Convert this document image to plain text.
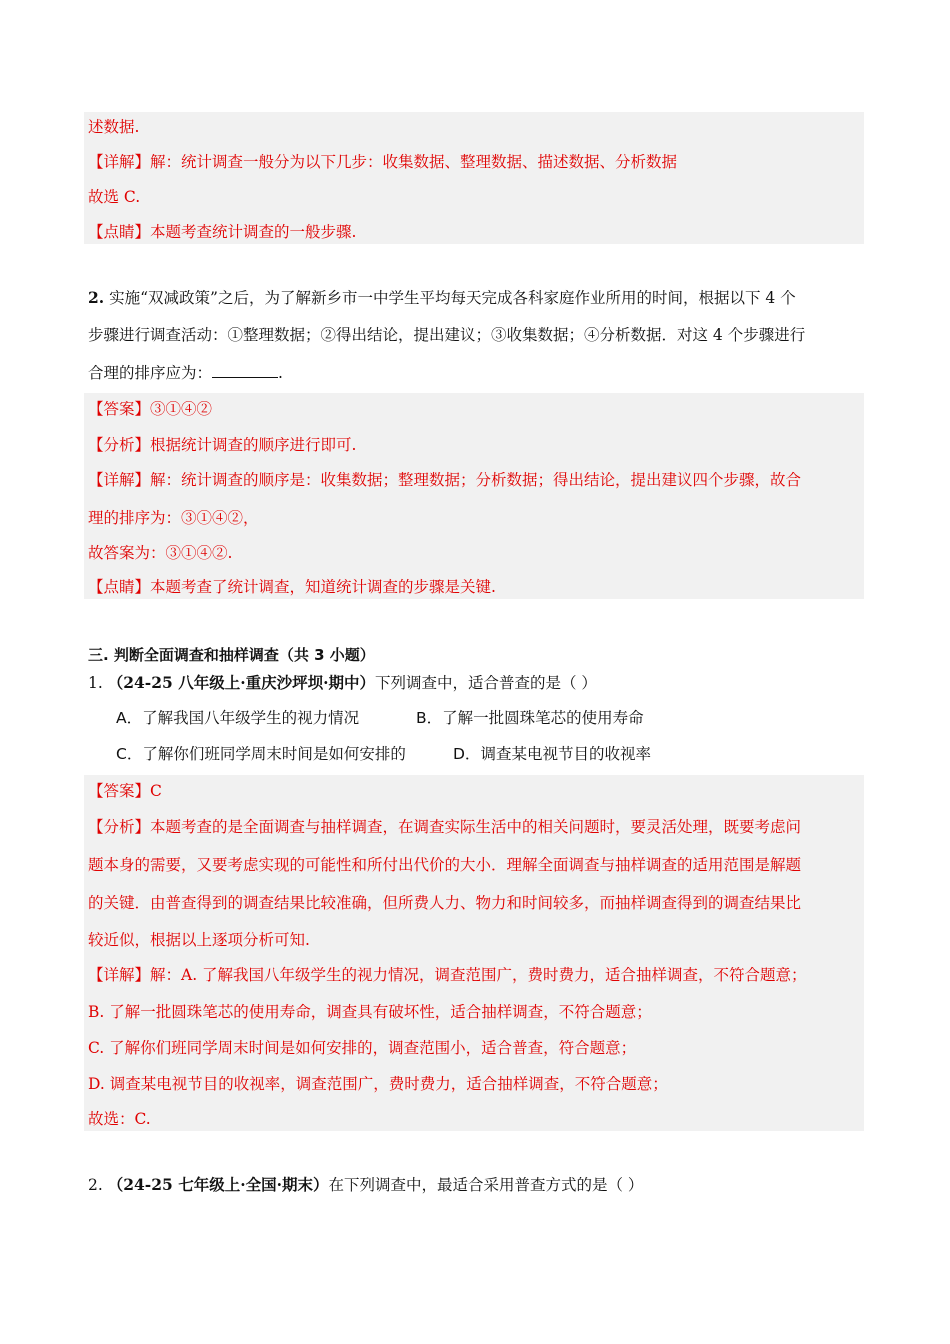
述数据.
【详解】解：统计调查一般分为以下几步：收集数据、整理数据、描述数据、分析数据
故选 C.
【点睛】本题考查统计调查的一般步骤.
2. 实施“双减政策”之后，为了解新乡市一中学生平均每天完成各科家庭作业所用的时间，根据以下 4 个
步骤进行调查活动：①整理数据；②得出结论，提出建议；③收集数据；④分析数据．对这 4 个步骤进行
合理的排序应为：	.
【答案】③①④②
【分析】根据统计调查的顺序进行即可.
【详解】解：统计调查的顺序是：收集数据；整理数据；分析数据；得出结论，提出建议四个步骤，故合
理的排序为：③①④②，
故答案为：③①④②.
【点睛】本题考查了统计调查，知道统计调查的步骤是关键.
三. 判断全面调查和抽样调查（共 3 小题）
1. （24-25 八年级上·重庆沙坪坝·期中）下列调查中，适合普查的是（ ）
A．了解我国八年级学生的视力情况	B．了解一批圆珠笔芯的使用寿命
C．了解你们班同学周末时间是如何安排的	D．调查某电视节目的收视率
【答案】C
【分析】本题考查的是全面调查与抽样调查，在调查实际生活中的相关问题时，要灵活处理，既要考虑问
题本身的需要，又要考虑实现的可能性和所付出代价的大小．理解全面调查与抽样调查的适用范围是解题
的关键．由普查得到的调查结果比较准确，但所费人力、物力和时间较多，而抽样调查得到的调查结果比
较近似，根据以上逐项分析可知.
【详解】解：A. 了解我国八年级学生的视力情况，调查范围广，费时费力，适合抽样调查，不符合题意；
B. 了解一批圆珠笔芯的使用寿命，调查具有破坏性，适合抽样调查，不符合题意；
C. 了解你们班同学周末时间是如何安排的，调查范围小，适合普查，符合题意；
D. 调查某电视节目的收视率，调查范围广，费时费力，适合抽样调查，不符合题意；
故选：C.
2. （24-25 七年级上·全国·期末）在下列调查中，最适合采用普查方式的是（ ）
